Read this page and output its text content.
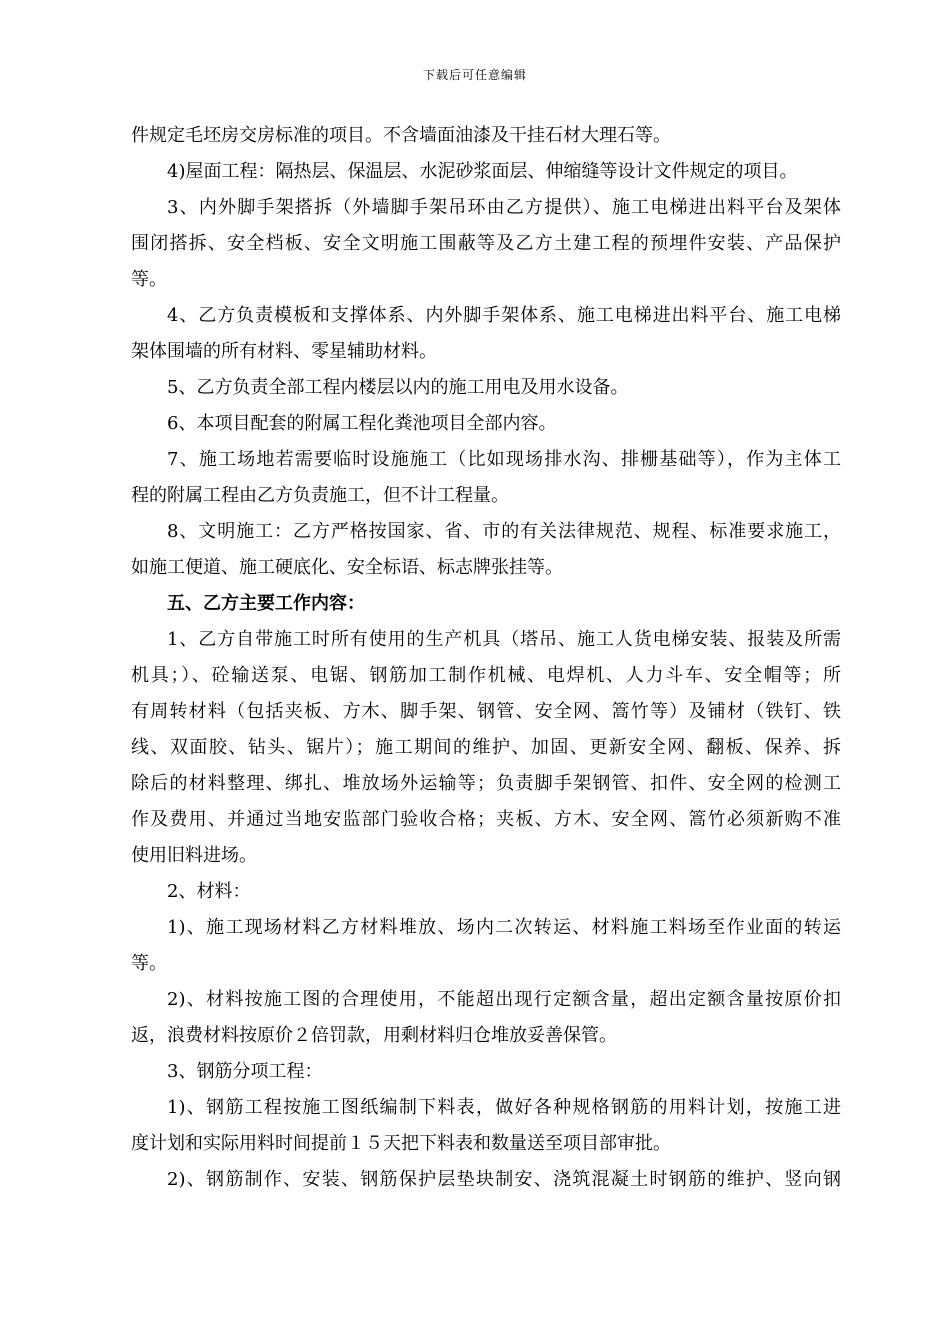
下载后可任意编辑
件规定毛坯房交房标准的项目。不含墙面油漆及干挂石材大理石等。
4)屋面工程：隔热层、保温层、水泥砂浆面层、伸缩缝等设计文件规定的项目。
3、内外脚手架搭拆（外墙脚手架吊环由乙方提供）、施工电梯进出料平台及架体
围闭搭拆、安全档板、安全文明施工围蔽等及乙方土建工程的预埋件安装、产品保护
等。
4、乙方负责模板和支撑体系、内外脚手架体系、施工电梯进出料平台、施工电梯
架体围墙的所有材料、零星辅助材料。
5、乙方负责全部工程内楼层以内的施工用电及用水设备。
6、本项目配套的附属工程化粪池项目全部内容。
7、施工场地若需要临时设施施工（比如现场排水沟、排栅基础等），作为主体工
程的附属工程由乙方负责施工，但不计工程量。
8、文明施工：乙方严格按国家、省、市的有关法律规范、规程、标准要求施工，
如施工便道、施工硬底化、安全标语、标志牌张挂等。
五、乙方主要工作内容：
1、乙方自带施工时所有使用的生产机具（塔吊、施工人货电梯安装、报装及所需
机具；）、砼输送泵、电锯、钢筋加工制作机械、电焊机、人力斗车、安全帽等；所
有周转材料（包括夹板、方木、脚手架、钢管、安全网、篙竹等）及铺材（铁钉、铁
线、双面胶、钻头、锯片）；施工期间的维护、加固、更新安全网、翻板、保养、拆
除后的材料整理、绑扎、堆放场外运输等；负责脚手架钢管、扣件、安全网的检测工
作及费用、并通过当地安监部门验收合格；夹板、方木、安全网、篙竹必须新购不准
使用旧料进场。
2、材料：
1)、施工现场材料乙方材料堆放、场内二次转运、材料施工料场至作业面的转运
等。
2)、材料按施工图的合理使用，不能超出现行定额含量，超出定额含量按原价扣
返，浪费材料按原价２倍罚款，用剩材料归仓堆放妥善保管。
3、钢筋分项工程：
1)、钢筋工程按施工图纸编制下料表，做好各种规格钢筋的用料计划，按施工进
度计划和实际用料时间提前１５天把下料表和数量送至项目部审批。
2)、钢筋制作、安装、钢筋保护层垫块制安、浇筑混凝土时钢筋的维护、竖向钢
